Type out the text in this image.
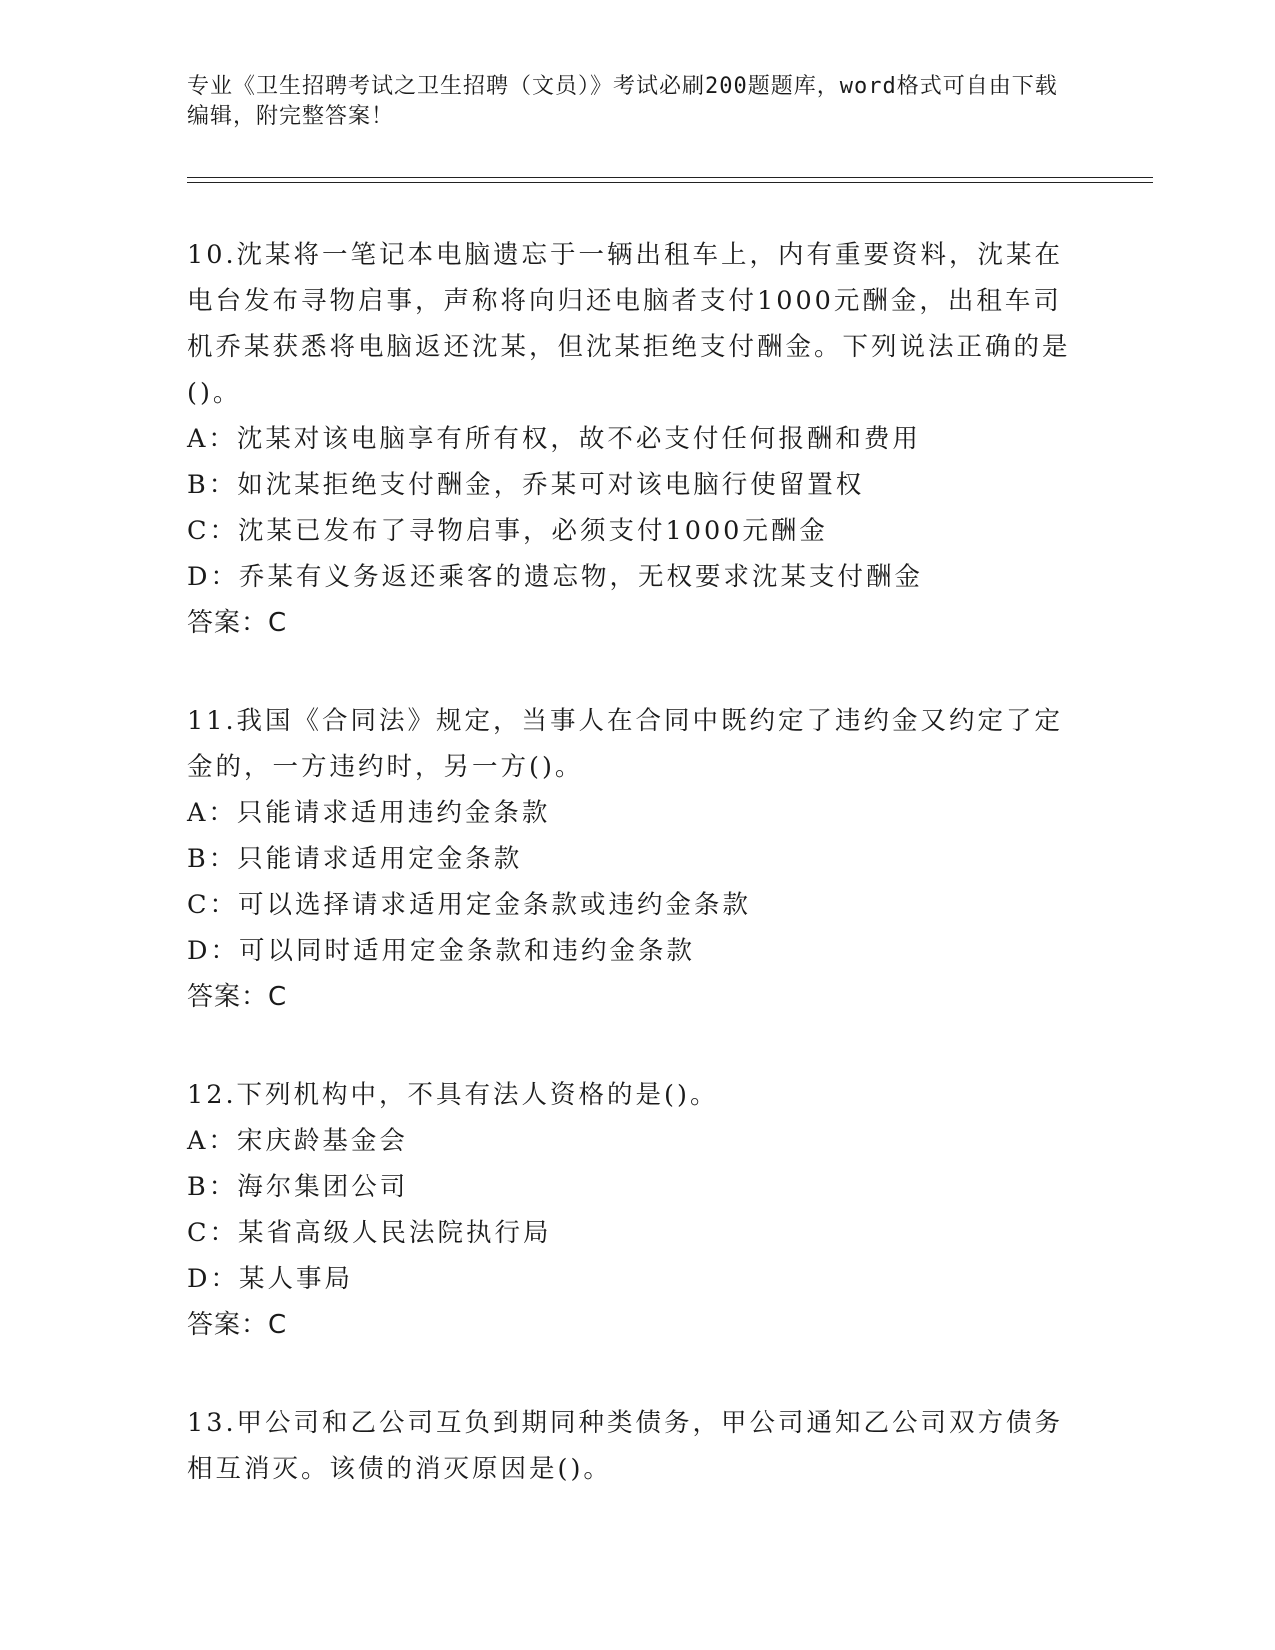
专业《卫生招聘考试之卫生招聘（文员）》考试必刷200题题库，word格式可自由下载编辑，附完整答案！

10.沈某将一笔记本电脑遗忘于一辆出租车上，内有重要资料，沈某在电台发布寻物启事，声称将向归还电脑者支付1000元酬金，出租车司机乔某获悉将电脑返还沈某，但沈某拒绝支付酬金。下列说法正确的是()。

A：沈某对该电脑享有所有权，故不必支付任何报酬和费用

B：如沈某拒绝支付酬金，乔某可对该电脑行使留置权

C：沈某已发布了寻物启事，必须支付1000元酬金

D：乔某有义务返还乘客的遗忘物，无权要求沈某支付酬金

答案：C

11.我国《合同法》规定，当事人在合同中既约定了违约金又约定了定金的，一方违约时，另一方()。

A：只能请求适用违约金条款

B：只能请求适用定金条款

C：可以选择请求适用定金条款或违约金条款

D：可以同时适用定金条款和违约金条款

答案：C

12.下列机构中，不具有法人资格的是()。

A：宋庆龄基金会

B：海尔集团公司

C：某省高级人民法院执行局

D：某人事局

答案：C

13.甲公司和乙公司互负到期同种类债务，甲公司通知乙公司双方债务相互消灭。该债的消灭原因是()。
